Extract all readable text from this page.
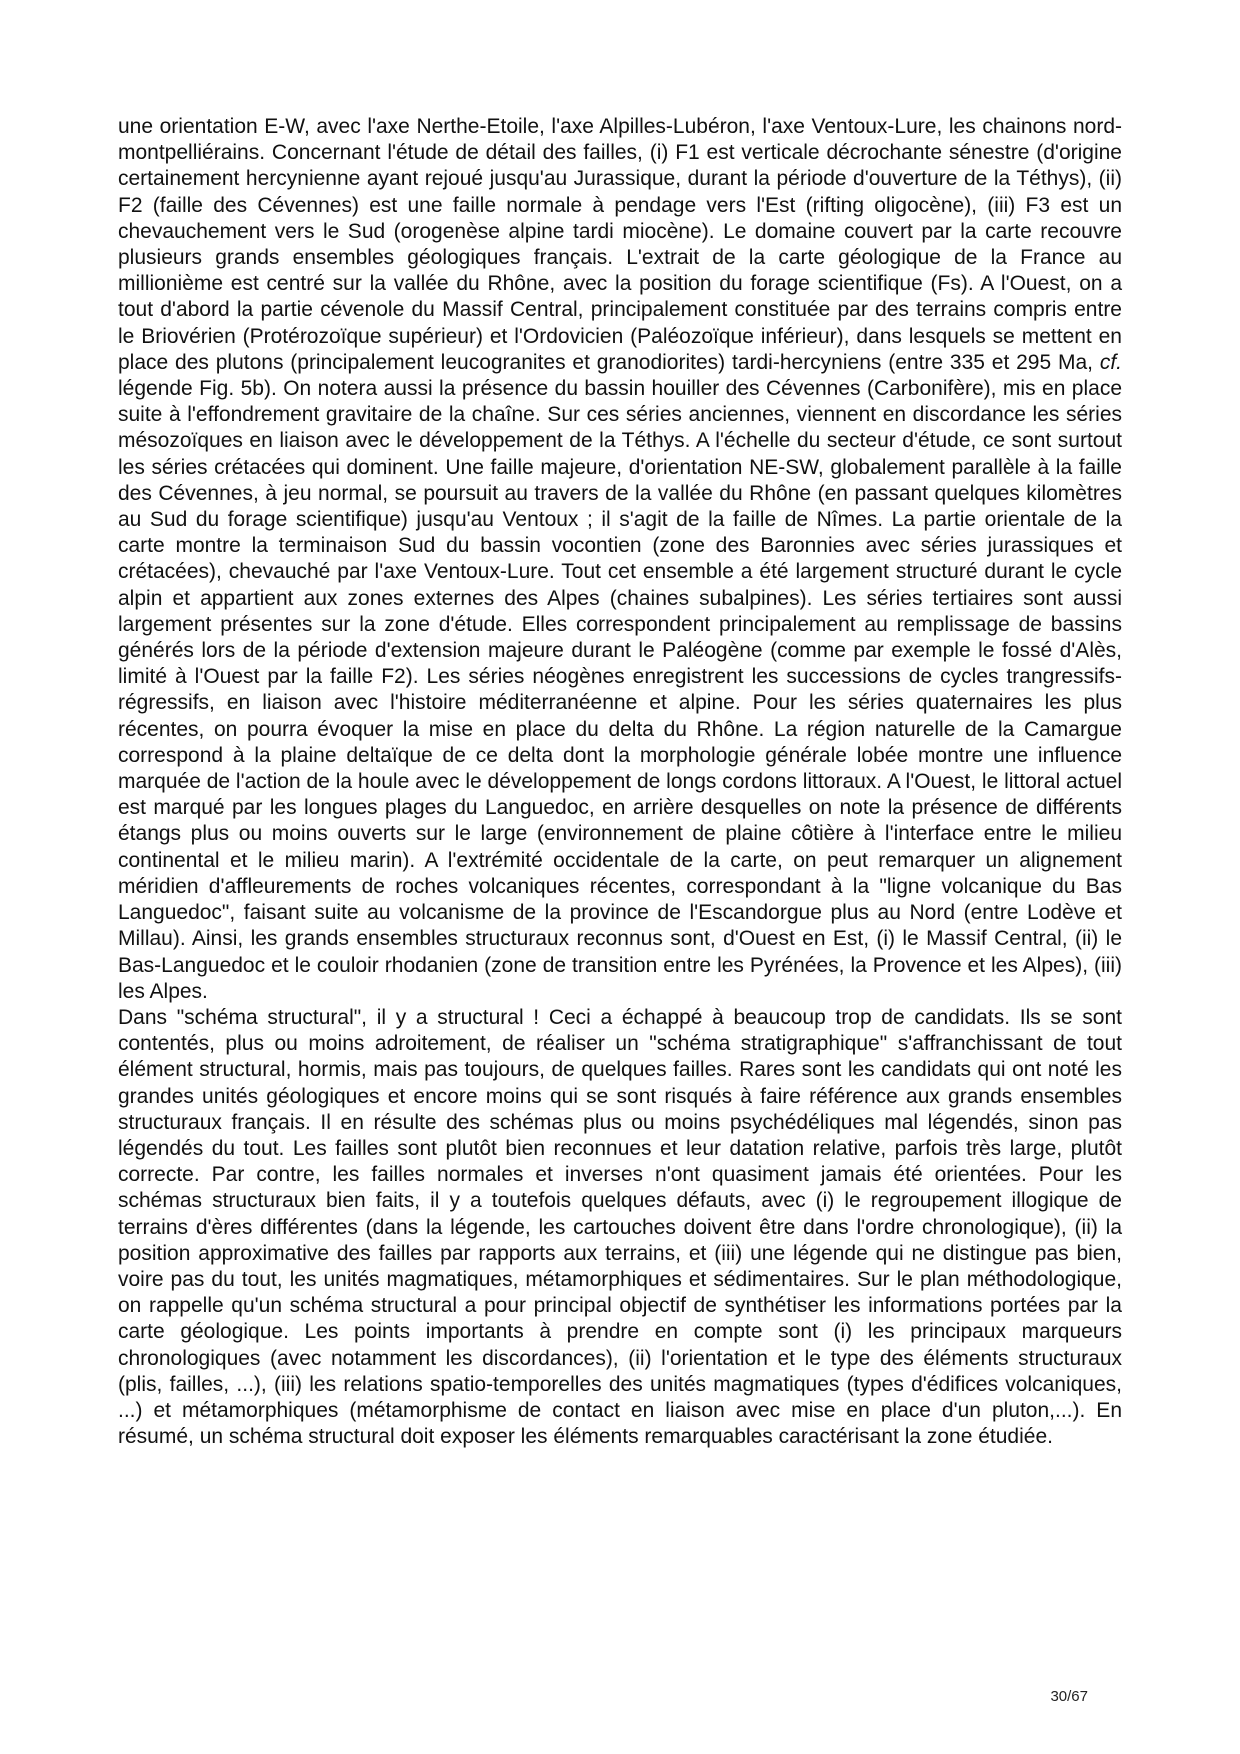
une orientation E-W, avec l'axe Nerthe-Etoile, l'axe Alpilles-Lubéron, l'axe Ventoux-Lure, les chainons nord-montpelliérains. Concernant l'étude de détail des failles, (i) F1 est verticale décrochante sénestre (d'origine certainement hercynienne ayant rejoué jusqu'au Jurassique, durant la période d'ouverture de la Téthys), (ii) F2 (faille des Cévennes) est une faille normale à pendage vers l'Est (rifting oligocène), (iii) F3 est un chevauchement vers le Sud (orogenèse alpine tardi miocène). Le domaine couvert par la carte recouvre plusieurs grands ensembles géologiques français. L'extrait de la carte géologique de la France au millionième est centré sur la vallée du Rhône, avec la position du forage scientifique (Fs). A l'Ouest, on a tout d'abord la partie cévenole du Massif Central, principalement constituée par des terrains compris entre le Briovérien (Protérozoïque supérieur) et l'Ordovicien (Paléozoïque inférieur), dans lesquels se mettent en place des plutons (principalement leucogranites et granodiorites) tardi-hercyniens (entre 335 et 295 Ma, cf. légende Fig. 5b). On notera aussi la présence du bassin houiller des Cévennes (Carbonifère), mis en place suite à l'effondrement gravitaire de la chaîne. Sur ces séries anciennes, viennent en discordance les séries mésozoïques en liaison avec le développement de la Téthys. A l'échelle du secteur d'étude, ce sont surtout les séries crétacées qui dominent. Une faille majeure, d'orientation NE-SW, globalement parallèle à la faille des Cévennes, à jeu normal, se poursuit au travers de la vallée du Rhône (en passant quelques kilomètres au Sud du forage scientifique) jusqu'au Ventoux ; il s'agit de la faille de Nîmes. La partie orientale de la carte montre la terminaison Sud du bassin vocontien (zone des Baronnies avec séries jurassiques et crétacées), chevauché par l'axe Ventoux-Lure. Tout cet ensemble a été largement structuré durant le cycle alpin et appartient aux zones externes des Alpes (chaines subalpines). Les séries tertiaires sont aussi largement présentes sur la zone d'étude. Elles correspondent principalement au remplissage de bassins générés lors de la période d'extension majeure durant le Paléogène (comme par exemple le fossé d'Alès, limité à l'Ouest par la faille F2). Les séries néogènes enregistrent les successions de cycles trangressifs-régressifs, en liaison avec l'histoire méditerranéenne et alpine. Pour les séries quaternaires les plus récentes, on pourra évoquer la mise en place du delta du Rhône. La région naturelle de la Camargue correspond à la plaine deltaïque de ce delta dont la morphologie générale lobée montre une influence marquée de l'action de la houle avec le développement de longs cordons littoraux. A l'Ouest, le littoral actuel est marqué par les longues plages du Languedoc, en arrière desquelles on note la présence de différents étangs plus ou moins ouverts sur le large (environnement de plaine côtière à l'interface entre le milieu continental et le milieu marin). A l'extrémité occidentale de la carte, on peut remarquer un alignement méridien d'affleurements de roches volcaniques récentes, correspondant à la "ligne volcanique du Bas Languedoc", faisant suite au volcanisme de la province de l'Escandorgue plus au Nord (entre Lodève et Millau). Ainsi, les grands ensembles structuraux reconnus sont, d'Ouest en Est, (i) le Massif Central, (ii) le Bas-Languedoc et le couloir rhodanien (zone de transition entre les Pyrénées, la Provence et les Alpes), (iii) les Alpes.

Dans "schéma structural", il y a structural ! Ceci a échappé à beaucoup trop de candidats. Ils se sont contentés, plus ou moins adroitement, de réaliser un "schéma stratigraphique" s'affranchissant de tout élément structural, hormis, mais pas toujours, de quelques failles. Rares sont les candidats qui ont noté les grandes unités géologiques et encore moins qui se sont risqués à faire référence aux grands ensembles structuraux français. Il en résulte des schémas plus ou moins psychédéliques mal légendés, sinon pas légendés du tout. Les failles sont plutôt bien reconnues et leur datation relative, parfois très large, plutôt correcte. Par contre, les failles normales et inverses n'ont quasiment jamais été orientées. Pour les schémas structuraux bien faits, il y a toutefois quelques défauts, avec (i) le regroupement illogique de terrains d'ères différentes (dans la légende, les cartouches doivent être dans l'ordre chronologique), (ii) la position approximative des failles par rapports aux terrains, et (iii) une légende qui ne distingue pas bien, voire pas du tout, les unités magmatiques, métamorphiques et sédimentaires. Sur le plan méthodologique, on rappelle qu'un schéma structural a pour principal objectif de synthétiser les informations portées par la carte géologique. Les points importants à prendre en compte sont (i) les principaux marqueurs chronologiques (avec notamment les discordances), (ii) l'orientation et le type des éléments structuraux (plis, failles, ...), (iii) les relations spatio-temporelles des unités magmatiques (types d'édifices volcaniques, ...) et métamorphiques (métamorphisme de contact en liaison avec mise en place d'un pluton,...). En résumé, un schéma structural doit exposer les éléments remarquables caractérisant la zone étudiée.

30/67
